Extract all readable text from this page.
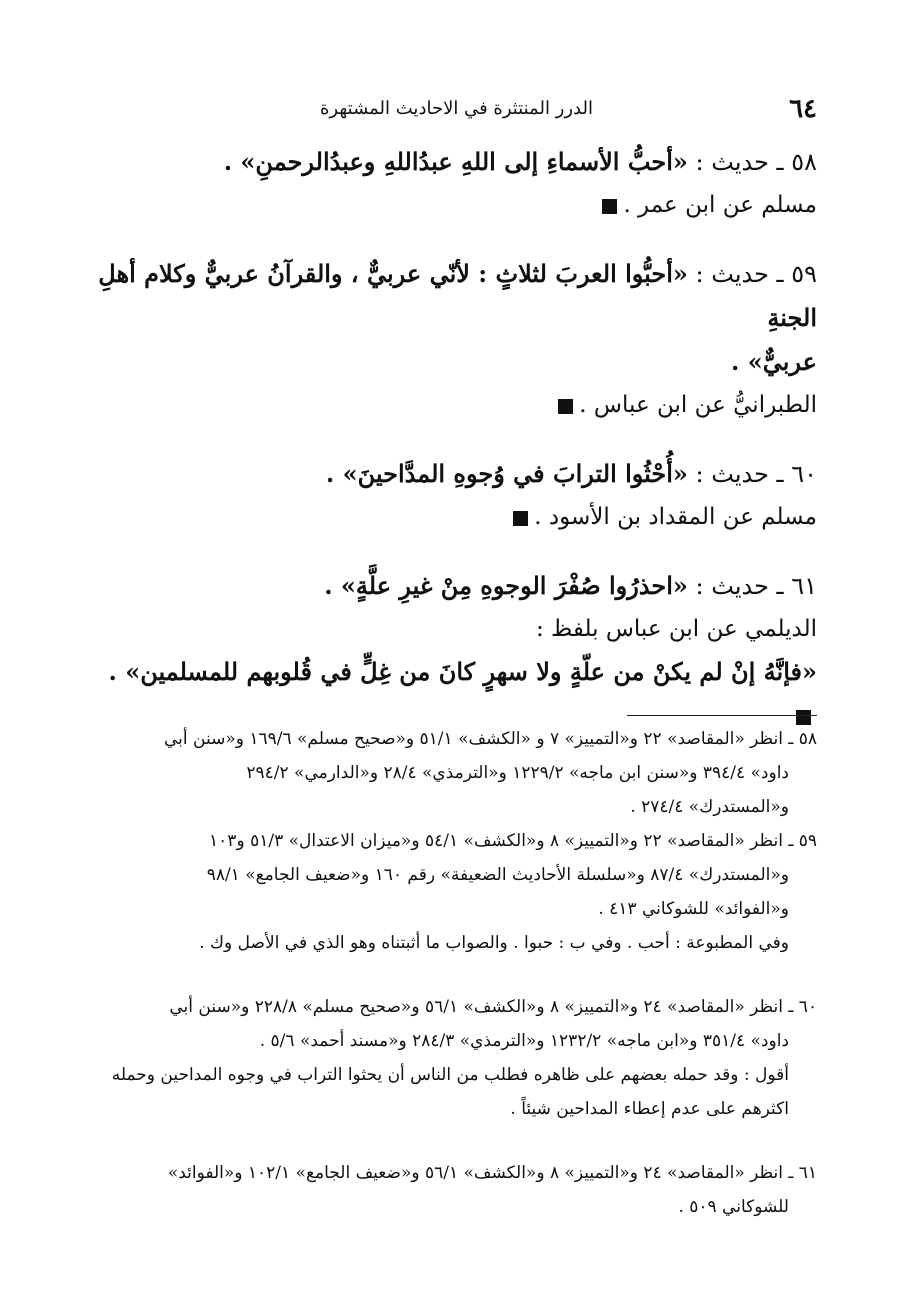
٦٤
الدرر المنتثرة في الاحاديث المشتهرة

٥٨ ـ حديث : «أحبُّ الأسماءِ إلى اللهِ عبدُاللهِ وعبدُالرحمنِ» .

مسلم عن ابن عمر .

٥٩ ـ حديث : «أحبُّوا العربَ لثلاثٍ : لأنّي عربيٌّ ، والقرآنُ عربيٌّ وكلام أهلِ الجنةِ

عربيٌّ» .

الطبرانيُّ عن ابن عباس .

٦٠ ـ حديث : «أُحْثُوا الترابَ في وُجوهِ المدَّاحينَ» .

مسلم عن المقداد بن الأسود .

٦١ ـ حديث : «احذرُوا صُفْرَ الوجوهِ مِنْ غيرِ علَّةٍ» .

الديلمي عن ابن عباس بلفظ :

«فإنَّهُ إنْ لم يكنْ من علّةٍ ولا سهرٍ كانَ من غِلٍّ في قُلوبهم للمسلمين» .

٥٨ ـ انظر «المقاصد» ٢٢ و«التمييز» ٧ و «الكشف» ٥١/١ و«صحيح مسلم» ١٦٩/٦ و«سنن أبي

داود» ٣٩٤/٤ و«سنن ابن ماجه» ١٢٢٩/٢ و«الترمذي» ٢٨/٤ و«الدارمي» ٢٩٤/٢

و«المستدرك» ٢٧٤/٤ .

٥٩ ـ انظر «المقاصد» ٢٢ و«التمييز» ٨ و«الكشف» ٥٤/١ و«ميزان الاعتدال» ٥١/٣ و١٠٣

و«المستدرك» ٨٧/٤ و«سلسلة الأحاديث الضعيفة» رقم ١٦٠ و«ضعيف الجامع» ٩٨/١

و«الفوائد» للشوكاني ٤١٣ .

وفي المطبوعة : أحب . وفي ب : حبوا . والصواب ما أثبتناه وهو الذي في الأصل وك .

٦٠ ـ انظر «المقاصد» ٢٤ و«التمييز» ٨ و«الكشف» ٥٦/١ و«صحيح مسلم» ٢٢٨/٨ و«سنن أبي

داود» ٣٥١/٤ و«ابن ماجه» ١٢٣٢/٢ و«الترمذي» ٢٨٤/٣ و«مسند أحمد» ٥/٦ .

أقول : وقد حمله بعضهم على ظاهره فطلب من الناس أن يحثوا التراب في وجوه المداحين وحمله

اكثرهم على عدم إعطاء المداحين شيئاً .

٦١ ـ انظر «المقاصد» ٢٤ و«التمييز» ٨ و«الكشف» ٥٦/١ و«ضعيف الجامع» ١٠٢/١ و«الفوائد»

للشوكاني ٥٠٩ .
